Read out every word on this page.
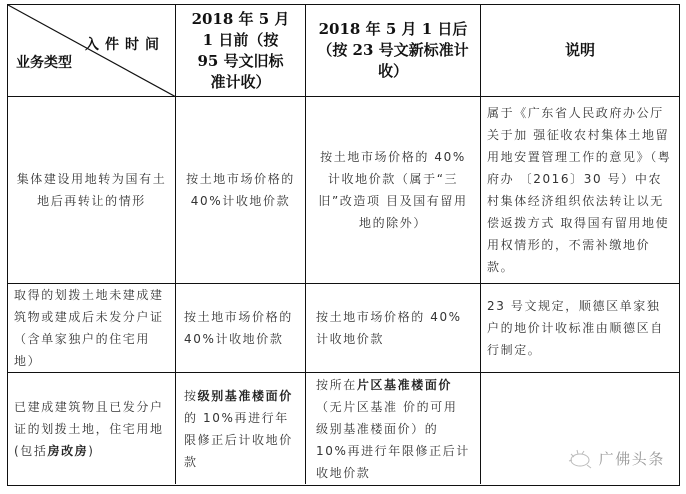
入件时间
业务类型
2018 年 5 月 1 日前（按 95 号文旧标准计收）
2018 年 5 月 1 日后（按 23 号文新标准计收）
说明
集体建设用地转为国有土地后再转让的情形
按土地市场价格的 40%计收地价款
按土地市场价格的 40%计收地价款（属于“三旧”改造项 目及国有留用地的除外）
属于《广东省人民政府办公厅关于加 强征收农村集体土地留用地安置管理工作的意见》（粤府办 〔2016〕30 号）中农村集体经济组织依法转让以无偿返拨方式 取得国有留用地使用权情形的，不需补缴地价款。
取得的划拨土地未建成建筑物或建成后未发分户证（含单家独户的住宅用地）
按土地市场价格的 40%计收地价款
按土地市场价格的 40%计收地价款
23 号文规定，顺德区单家独户的地价计收标准由顺德区自行制定。
已建成建筑物且已发分户证的划拨土地，住宅用地(包括房改房)
按级别基准楼面价的 10%再进行年限修正后计收地价款
按所在片区基准楼面价（无片区基准 价的可用级别基准楼面价）的 10%再进行年限修正后计收地价款
广佛头条
